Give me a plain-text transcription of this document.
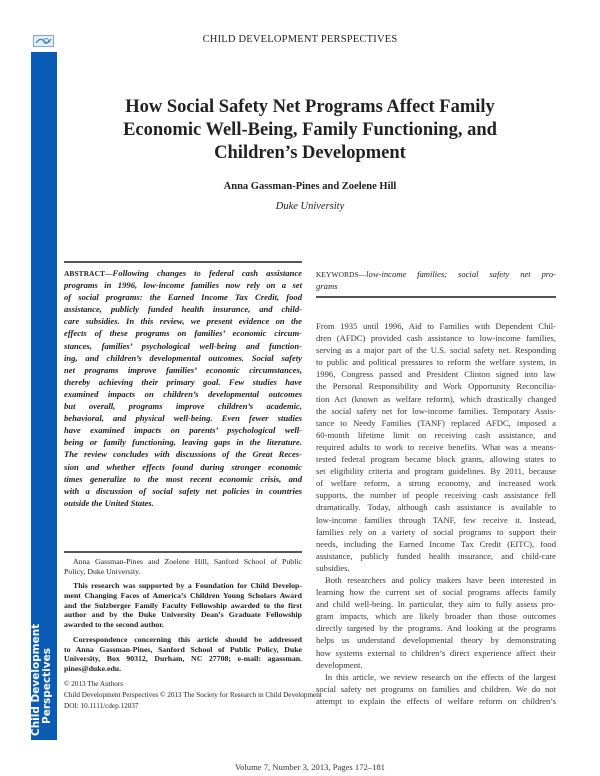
Child Development Perspectives
CHILD DEVELOPMENT PERSPECTIVES
How Social Safety Net Programs Affect Family
Economic Well-Being, Family Functioning, and
Children’s Development
Anna Gassman-Pines and Zoelene Hill
Duke University
ABSTRACT—Following changes to federal cash assistance
programs in 1996, low-income families now rely on a set
of social programs: the Earned Income Tax Credit, food
assistance, publicly funded health insurance, and child-
care subsidies. In this review, we present evidence on the
effects of these programs on families’ economic circum-
stances, families’ psychological well-being and function-
ing, and children’s developmental outcomes. Social safety
net programs improve families’ economic circumstances,
thereby achieving their primary goal. Few studies have
examined impacts on children’s developmental outcomes
but overall, programs improve children’s academic,
behavioral, and physical well-being. Even fewer studies
have examined impacts on parents’ psychological well-
being or family functioning, leaving gaps in the literature.
The review concludes with discussions of the Great Reces-
sion and whether effects found during stronger economic
times generalize to the most recent economic crisis, and
with a discussion of social safety net policies in countries
outside the United States.
KEYWORDS—low-income families; social safety net pro-
grams
From 1935 until 1996, Aid to Families with Dependent Chil-
dren (AFDC) provided cash assistance to low-income families,
serving as a major part of the U.S. social safety net. Responding
to public and political pressures to reform the welfare system, in
1996, Congress passed and President Clinton signed into law
the Personal Responsibility and Work Opportunity Reconcilia-
tion Act (known as welfare reform), which drastically changed
the social safety net for low-income families. Temporary Assis-
tance to Needy Families (TANF) replaced AFDC, imposed a
60-month lifetime limit on receiving cash assistance, and
required adults to work to receive benefits. What was a means-
tested federal program became block grants, allowing states to
set eligibility criteria and program guidelines. By 2011, because
of welfare reform, a strong economy, and increased work
supports, the number of people receiving cash assistance fell
dramatically. Today, although cash assistance is available to
low-income families through TANF, few receive it. Instead,
families rely on a variety of social programs to support their
needs, including the Earned Income Tax Credit (EITC), food
assistance, publicly funded health insurance, and child-care
subsidies.
Both researchers and policy makers have been interested in
learning how the current set of social programs affects family
and child well-being. In particular, they aim to fully assess pro-
gram impacts, which are likely broader than those outcomes
directly targeted by the programs. And looking at the programs
helps us understand developmental theory by demonstrating
how systems external to children’s direct experience affect their
development.
In this article, we review research on the effects of the largest
social safety net programs on families and children. We do not
attempt to explain the effects of welfare reform on children’s
Anna Gassman-Pines and Zoelene Hill, Sanford School of Public
Policy, Duke University.
This research was supported by a Foundation for Child Develop-
ment Changing Faces of America’s Children Young Scholars Award
and the Sulzberger Family Faculty Fellowship awarded to the first
author and by the Duke University Dean’s Graduate Fellowship
awarded to the second author.
Correspondence concerning this article should be addressed
to Anna Gassman-Pines, Sanford School of Public Policy, Duke
University, Box 90312, Durham, NC 27708; e-mail: agassman.
pines@duke.edu.
© 2013 The Authors
Child Development Perspectives © 2013 The Society for Research in Child Development
DOI: 10.1111/cdep.12037
Volume 7, Number 3, 2013, Pages 172–181
